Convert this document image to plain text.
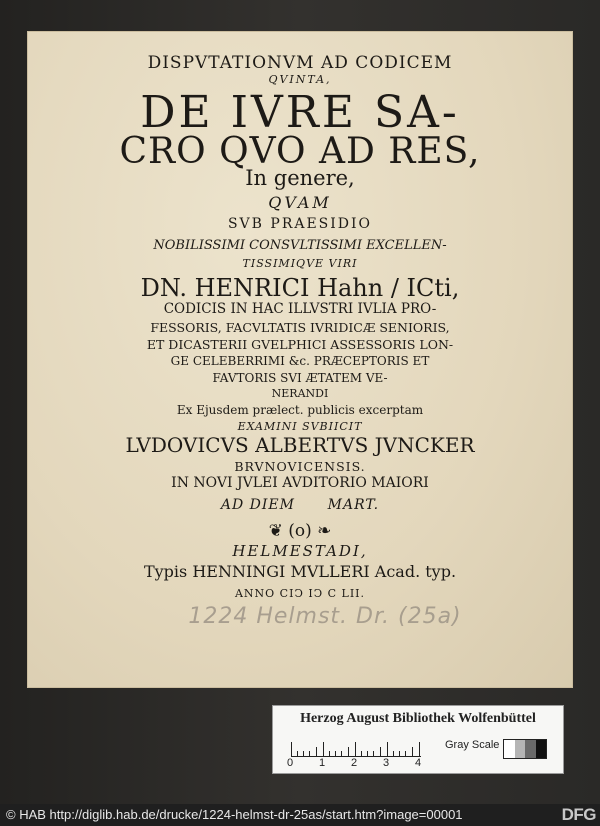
DISPVTATIONVM AD CODICEM
QVINTA,
DE IVRE SA-
CRO QVO AD RES,
In genere,
QVAM
SVB PRAESIDIO
NOBILISSIMI CONSVLTISSIMI EXCELLEN-
TISSIMIQVE VIRI
DN. HENRICI Hahn / ICti,
CODICIS IN HAC ILLVSTRI IVLIA PRO-
FESSORIS, FACVLTATIS IVRIDICÆ SENIORIS,
ET DICASTERII GVELPHICI ASSESSORIS LON-
GE CELEBERRIMI &c. PRÆCEPTORIS ET
FAVTORIS SVI ÆTATEM VE-
NERANDI
Ex Ejusdem prælect. publicis excerptam
EXAMINI SVBIICIT
LVDOVICVS ALBERTVS JVNCKER
BRVNOVICENSIS.
IN NOVI JVLEI AVDITORIO MAIORI
AD DIEM      MART.
❦ (o) ❧
HELMESTADI,
Typis HENNINGI MVLLERI Acad. typ.
ANNO CIↃ IↃ C LII.
1224 Helmst. Dr. (25a)
Herzog August Bibliothek Wolfenbüttel
0 1 2 3 4
Gray Scale
© HAB http://diglib.hab.de/drucke/1224-helmst-dr-25as/start.htm?image=00001	DFG
